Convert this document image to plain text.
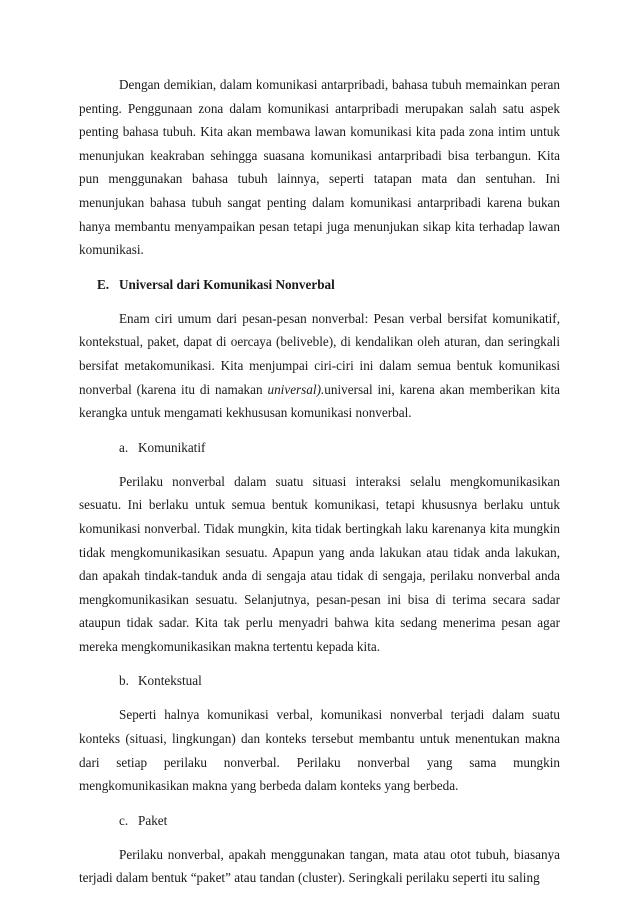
Dengan demikian, dalam komunikasi antarpribadi, bahasa tubuh memainkan peran penting. Penggunaan zona dalam komunikasi antarpribadi merupakan salah satu aspek penting bahasa tubuh. Kita akan membawa lawan komunikasi kita pada zona intim untuk menunjukan keakraban sehingga suasana komunikasi antarpribadi bisa terbangun. Kita pun menggunakan bahasa tubuh lainnya, seperti tatapan mata dan sentuhan. Ini menunjukan bahasa tubuh sangat penting dalam komunikasi antarpribadi karena bukan hanya membantu menyampaikan pesan tetapi juga menunjukan sikap kita terhadap lawan komunikasi.

E. Universal dari Komunikasi Nonverbal

Enam ciri umum dari pesan-pesan nonverbal: Pesan verbal bersifat komunikatif, kontekstual, paket, dapat di oercaya (beliveble), di kendalikan oleh aturan, dan seringkali bersifat metakomunikasi. Kita menjumpai ciri-ciri ini dalam semua bentuk komunikasi nonverbal (karena itu di namakan universal).universal ini, karena akan memberikan kita kerangka untuk mengamati kekhususan komunikasi nonverbal.

a. Komunikatif

Perilaku nonverbal dalam suatu situasi interaksi selalu mengkomunikasikan sesuatu. Ini berlaku untuk semua bentuk komunikasi, tetapi khususnya berlaku untuk komunikasi nonverbal. Tidak mungkin, kita tidak bertingkah laku karenanya kita mungkin tidak mengkomunikasikan sesuatu. Apapun yang anda lakukan atau tidak anda lakukan, dan apakah tindak-tanduk anda di sengaja atau tidak di sengaja, perilaku nonverbal anda mengkomunikasikan sesuatu. Selanjutnya, pesan-pesan ini bisa di terima secara sadar ataupun tidak sadar. Kita tak perlu menyadri bahwa kita sedang menerima pesan agar mereka mengkomunikasikan makna tertentu kepada kita.

b. Kontekstual

Seperti halnya komunikasi verbal, komunikasi nonverbal terjadi dalam suatu konteks (situasi, lingkungan) dan konteks tersebut membantu untuk menentukan makna dari setiap perilaku nonverbal. Perilaku nonverbal yang sama mungkin mengkomunikasikan makna yang berbeda dalam konteks yang berbeda.

c. Paket

Perilaku nonverbal, apakah menggunakan tangan, mata atau otot tubuh, biasanya terjadi dalam bentuk “paket” atau tandan (cluster). Seringkali perilaku seperti itu saling
